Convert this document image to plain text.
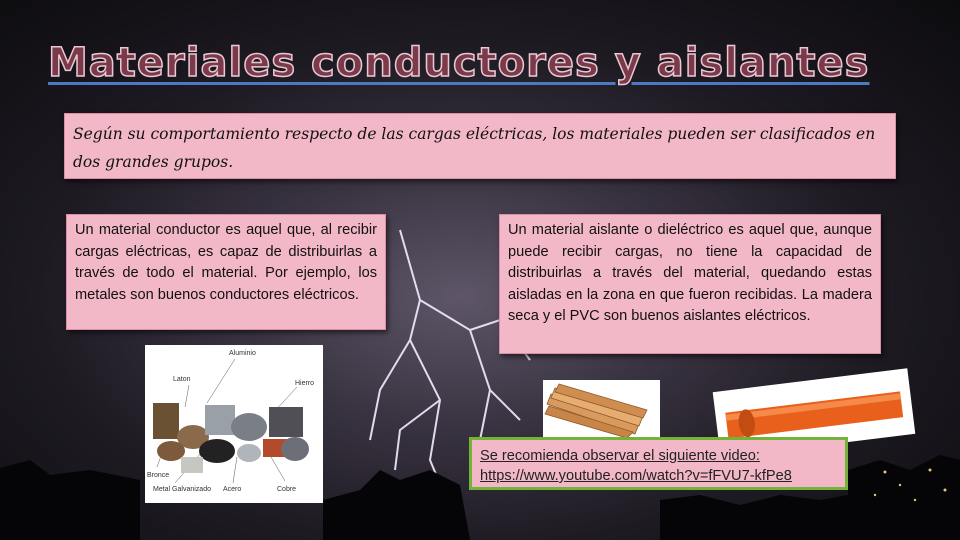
Materiales conductores y aislantes
Según su comportamiento respecto de las cargas eléctricas, los materiales pueden ser clasificados en dos grandes grupos.
Un material conductor es aquel que, al recibir cargas eléctricas, es capaz de distribuirlas a través de todo el material. Por ejemplo, los metales son buenos conductores eléctricos.
Un material aislante o dieléctrico es aquel que, aunque puede recibir cargas, no tiene la capacidad de distribuirlas a través del material, quedando estas aisladas en la zona en que fueron recibidas. La madera seca y el PVC son buenos aislantes eléctricos.
Aluminio
Laton
Hierro
Bronce
Metal Galvanizado Acero	Cobre
Se recomienda observar el siguiente video:
https://www.youtube.com/watch?v=fFVU7-kfPe8
